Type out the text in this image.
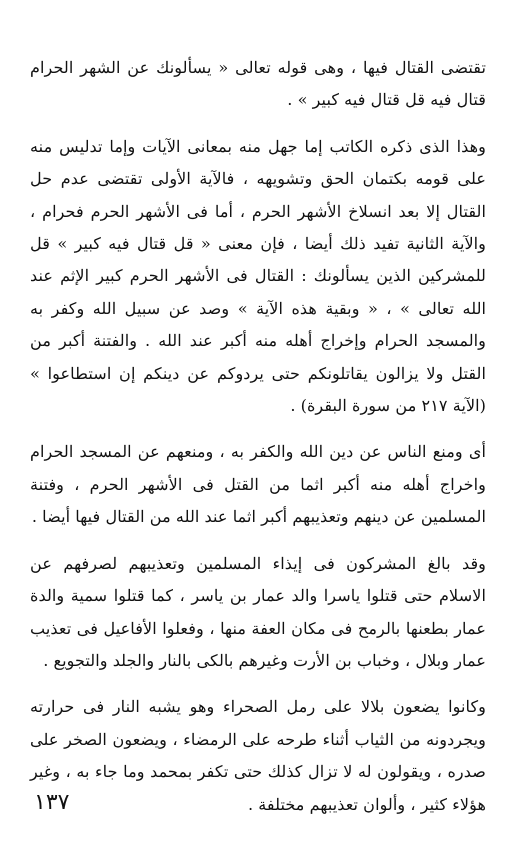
تقتضى القتال فيها ، وهى قوله تعالى « يسألونك عن الشهر الحرام قتال فيه قل قتال فيه كبير » .

وهذا الذى ذكره الكاتب إما جهل منه بمعانى الآيات وإما تدليس منه على قومه بكتمان الحق وتشويهه ، فالآية الأولى تقتضى عدم حل القتال إلا بعد انسلاخ الأشهر الحرم ، أما فى الأشهر الحرم فحرام ، والآية الثانية تفيد ذلك أيضا ، فإن معنى « قل قتال فيه كبير » قل للمشركين الذين يسألونك : القتال فى الأشهر الحرم كبير الإثم عند الله تعالى » ، « وبقية هذه الآية » وصد عن سبيل الله وكفر به والمسجد الحرام وإخراج أهله منه أكبر عند الله . والفتنة أكبر من القتل ولا يزالون يقاتلونكم حتى يردوكم عن دينكم إن استطاعوا » (الآية ٢١٧ من سورة البقرة) .

أى ومنع الناس عن دين الله والكفر به ، ومنعهم عن المسجد الحرام واخراج أهله منه أكبر اثما من القتل فى الأشهر الحرم ، وفتنة المسلمين عن دينهم وتعذيبهم أكبر اثما عند الله من القتال فيها أيضا .

وقد بالغ المشركون فى إيذاء المسلمين وتعذيبهم لصرفهم عن الاسلام حتى قتلوا ياسرا والد عمار بن ياسر ، كما قتلوا سمية والدة عمار بطعنها بالرمح فى مكان العفة منها ، وفعلوا الأفاعيل فى تعذيب عمار وبلال ، وخباب بن الأرت وغيرهم بالكى بالنار والجلد والتجويع .

وكانوا يضعون بلالا على رمل الصحراء وهو يشبه النار فى حرارته ويجردونه من الثياب أثناء طرحه على الرمضاء ، ويضعون الصخر على صدره ، ويقولون له لا تزال كذلك حتى تكفر بمحمد وما جاء به ، وغير هؤلاء كثير ، وألوان تعذيبهم مختلفة .

١٣٧
